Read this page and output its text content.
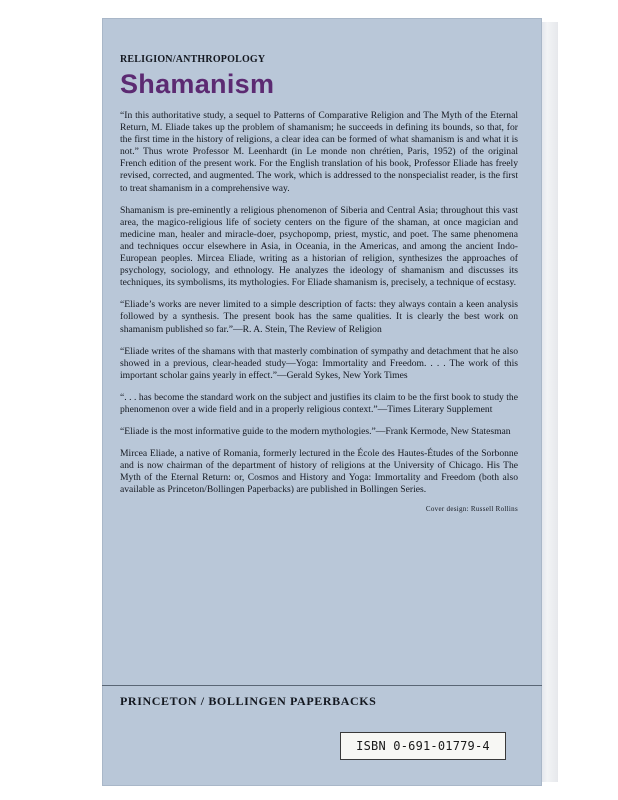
RELIGION/ANTHROPOLOGY

Shamanism

“In this authoritative study, a sequel to Patterns of Comparative Religion and The Myth of the Eternal Return, M. Eliade takes up the problem of shamanism; he succeeds in defining its bounds, so that, for the first time in the history of religions, a clear idea can be formed of what shamanism is and what it is not.” Thus wrote Professor M. Leenhardt (in Le monde non chrétien, Paris, 1952) of the original French edition of the present work. For the English translation of his book, Professor Eliade has freely revised, corrected, and augmented. The work, which is addressed to the nonspecialist reader, is the first to treat shamanism in a comprehensive way.

Shamanism is pre-eminently a religious phenomenon of Siberia and Central Asia; throughout this vast area, the magico-religious life of society centers on the figure of the shaman, at once magician and medicine man, healer and miracle-doer, psychopomp, priest, mystic, and poet. The same phenomena and techniques occur elsewhere in Asia, in Oceania, in the Americas, and among the ancient Indo-European peoples. Mircea Eliade, writing as a historian of religion, synthesizes the approaches of psychology, sociology, and ethnology. He analyzes the ideology of shamanism and discusses its techniques, its symbolisms, its mythologies. For Eliade shamanism is, precisely, a technique of ecstasy.

“Eliade’s works are never limited to a simple description of facts: they always contain a keen analysis followed by a synthesis. The present book has the same qualities. It is clearly the best work on shamanism published so far.”—R. A. Stein, The Review of Religion

“Eliade writes of the shamans with that masterly combination of sympathy and detachment that he also showed in a previous, clear-headed study—Yoga: Immortality and Freedom. . . . The work of this important scholar gains yearly in effect.”—Gerald Sykes, New York Times

“. . . has become the standard work on the subject and justifies its claim to be the first book to study the phenomenon over a wide field and in a properly religious context.”—Times Literary Supplement

“Eliade is the most informative guide to the modern mythologies.”—Frank Kermode, New Statesman

Mircea Eliade, a native of Romania, formerly lectured in the École des Hautes-Études of the Sorbonne and is now chairman of the department of history of religions at the University of Chicago. His The Myth of the Eternal Return: or, Cosmos and History and Yoga: Immortality and Freedom (both also available as Princeton/Bollingen Paperbacks) are published in Bollingen Series.

Cover design: Russell Rollins

PRINCETON / BOLLINGEN PAPERBACKS
ISBN 0-691-01779-4
